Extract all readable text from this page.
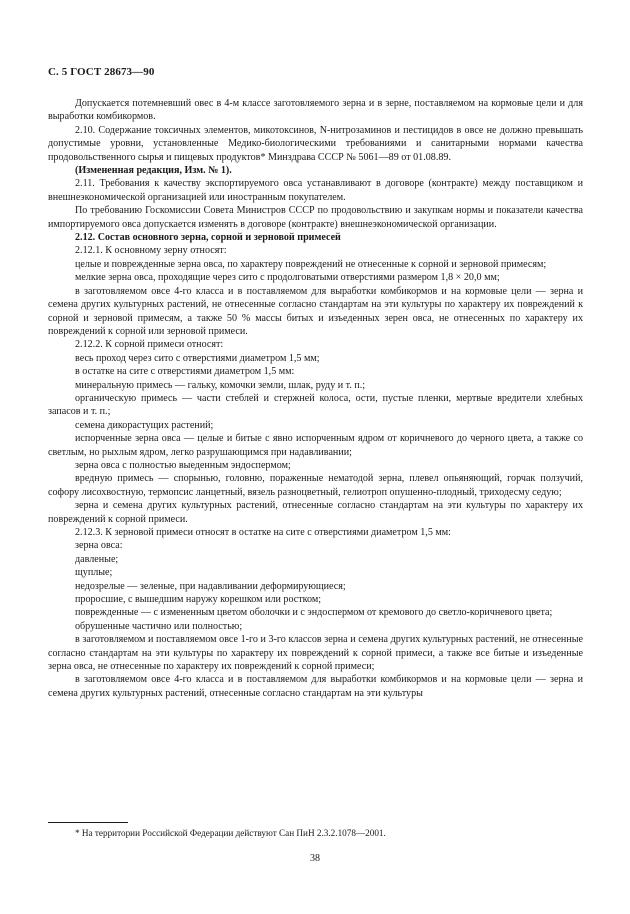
С. 5 ГОСТ 28673—90

Допускается потемневший овес в 4-м классе заготовляемого зерна и в зерне, поставляемом на кормовые цели и для выработки комбикормов.

2.10. Содержание токсичных элементов, микотоксинов, N-нитрозаминов и пестицидов в овсе не должно превышать допустимые уровни, установленные Медико-биологическими требованиями и санитарными нормами качества продовольственного сырья и пищевых продуктов* Минздрава СССР № 5061—89 от 01.08.89.

(Измененная редакция, Изм. № 1).

2.11. Требования к качеству экспортируемого овса устанавливают в договоре (контракте) между поставщиком и внешнеэкономической организацией или иностранным покупателем.

По требованию Госкомиссии Совета Министров СССР по продовольствию и закупкам нормы и показатели качества импортируемого овса допускается изменять в договоре (контракте) внешнеэкономической организации.

2.12. Состав основного зерна, сорной и зерновой примесей

2.12.1. К основному зерну относят:

целые и поврежденные зерна овса, по характеру повреждений не отнесенные к сорной и зерновой примесям;

мелкие зерна овса, проходящие через сито с продолговатыми отверстиями размером 1,8 × 20,0 мм;

в заготовляемом овсе 4-го класса и в поставляемом для выработки комбикормов и на кормовые цели — зерна и семена других культурных растений, не отнесенные согласно стандартам на эти культуры по характеру их повреждений к сорной и зерновой примесям, а также 50 % массы битых и изъеденных зерен овса, не отнесенных по характеру их повреждений к сорной или зерновой примеси.

2.12.2. К сорной примеси относят:

весь проход через сито с отверстиями диаметром 1,5 мм;

в остатке на сите с отверстиями диаметром 1,5 мм:

минеральную примесь — гальку, комочки земли, шлак, руду и т. п.;

органическую примесь — части стеблей и стержней колоса, ости, пустые пленки, мертвые вредители хлебных запасов и т. п.;

семена дикорастущих растений;

испорченные зерна овса — целые и битые с явно испорченным ядром от коричневого до черного цвета, а также со светлым, но рыхлым ядром, легко разрушающимся при надавливании;

зерна овса с полностью выеденным эндоспермом;

вредную примесь — спорынью, головню, пораженные нематодой зерна, плевел опьяняющий, горчак ползучий, софору лисохвостную, термопсис ланцетный, вязель разноцветный, гелиотроп опушенно-плодный, триходесму седую;

зерна и семена других культурных растений, отнесенные согласно стандартам на эти культуры по характеру их повреждений к сорной примеси.

2.12.3. К зерновой примеси относят в остатке на сите с отверстиями диаметром 1,5 мм:

зерна овса:

давленые;

щуплые;

недозрелые — зеленые, при надавливании деформирующиеся;

проросшие, с вышедшим наружу корешком или ростком;

поврежденные — с измененным цветом оболочки и с эндоспермом от кремового до светло-коричневого цвета;

обрушенные частично или полностью;

в заготовляемом и поставляемом овсе 1-го и 3-го классов зерна и семена других культурных растений, не отнесенные согласно стандартам на эти культуры по характеру их повреждений к сорной примеси, а также все битые и изъеденные зерна овса, не отнесенные по характеру их повреждений к сорной примеси;

в заготовляемом овсе 4-го класса и в поставляемом для выработки комбикормов и на кормовые цели — зерна и семена других культурных растений, отнесенные согласно стандартам на эти культуры

* На территории Российской Федерации действуют Сан ПиН 2.3.2.1078—2001.
38
